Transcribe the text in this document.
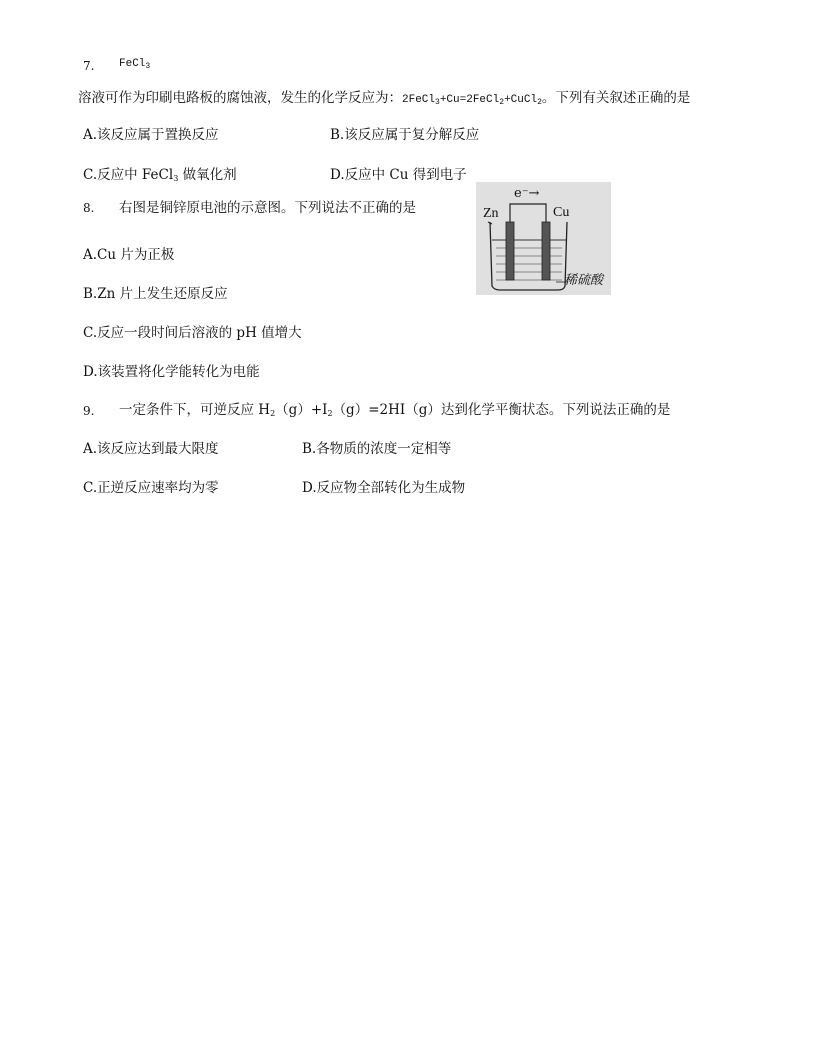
7. FeCl$_3$
溶液可作为印刷电路板的腐蚀液，发生的化学反应为：2FeCl$_3$+Cu=2FeCl$_2$+CuCl$_2$。下列有关叙述正确的是
A.该反应属于置换反应	B.该反应属于复分解反应
C.反应中 FeCl$_3$ 做氧化剂	D.反应中 Cu 得到电子
8. 右图是铜锌原电池的示意图。下列说法不正确的是
e⁻→
Zn	Cu
稀硫酸
A.Cu 片为正极
B.Zn 片上发生还原反应
C.反应一段时间后溶液的 pH 值增大
D.该装置将化学能转化为电能
9. 一定条件下，可逆反应 $H_2(g)+I_2(g)=2HI(g)$达到化学平衡状态。下列说法正确的是
A.该反应达到最大限度	B.各物质的浓度一定相等
C.正逆反应速率均为零	D.反应物全部转化为生成物
